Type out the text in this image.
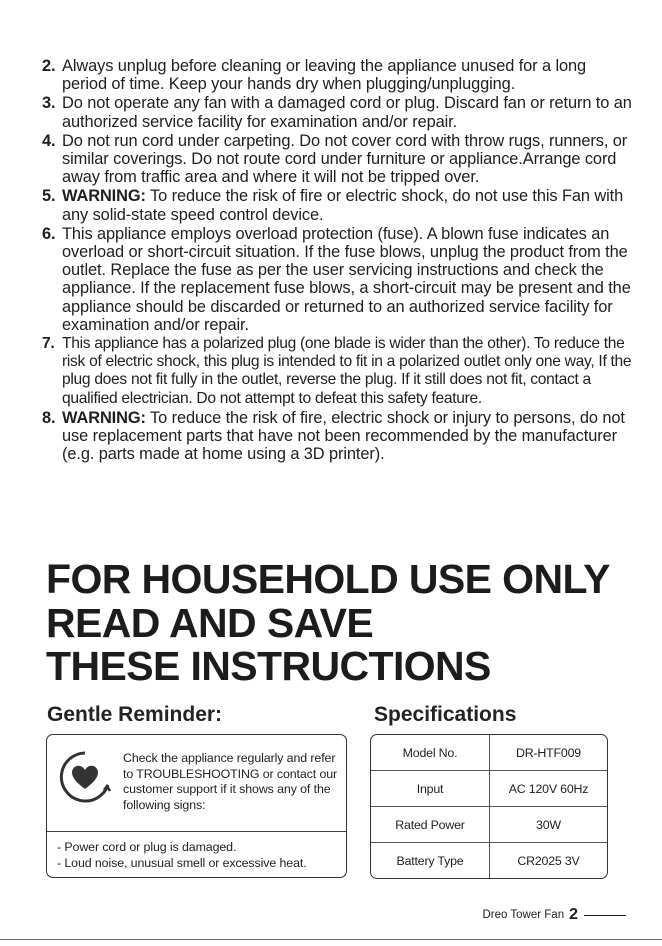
2. Always unplug before cleaning or leaving the appliance unused for a long period of time. Keep your hands dry when plugging/unplugging.
3. Do not operate any fan with a damaged cord or plug. Discard fan or return to an authorized service facility for examination and/or repair.
4. Do not run cord under carpeting. Do not cover cord with throw rugs, runners, or similar coverings. Do not route cord under furniture or appliance.Arrange cord away from traffic area and where it will not be tripped over.
5. WARNING: To reduce the risk of fire or electric shock, do not use this Fan with any solid-state speed control device.
6. This appliance employs overload protection (fuse). A blown fuse indicates an overload or short-circuit situation. If the fuse blows, unplug the product from the outlet. Replace the fuse as per the user servicing instructions and check the appliance. If the replacement fuse blows, a short-circuit may be present and the appliance should be discarded or returned to an authorized service facility for examination and/or repair.
7. This appliance has a polarized plug (one blade is wider than the other). To reduce the risk of electric shock, this plug is intended to fit in a polarized outlet only one way, If the plug does not fit fully in the outlet, reverse the plug. If it still does not fit, contact a qualified electrician. Do not attempt to defeat this safety feature.
8. WARNING: To reduce the risk of fire, electric shock or injury to persons, do not use replacement parts that have not been recommended by the manufacturer (e.g. parts made at home using a 3D printer).
FOR HOUSEHOLD USE ONLY
READ AND SAVE
THESE INSTRUCTIONS
Gentle Reminder:	Specifications
Check the appliance regularly and refer to TROUBLESHOOTING or contact our customer support if it shows any of the following signs:
- Power cord or plug is damaged.
- Loud noise, unusual smell or excessive heat.
Model No.	DR-HTF009
Input	AC 120V 60Hz
Rated Power	30W
Battery Type	CR2025 3V
Dreo Tower Fan 2
